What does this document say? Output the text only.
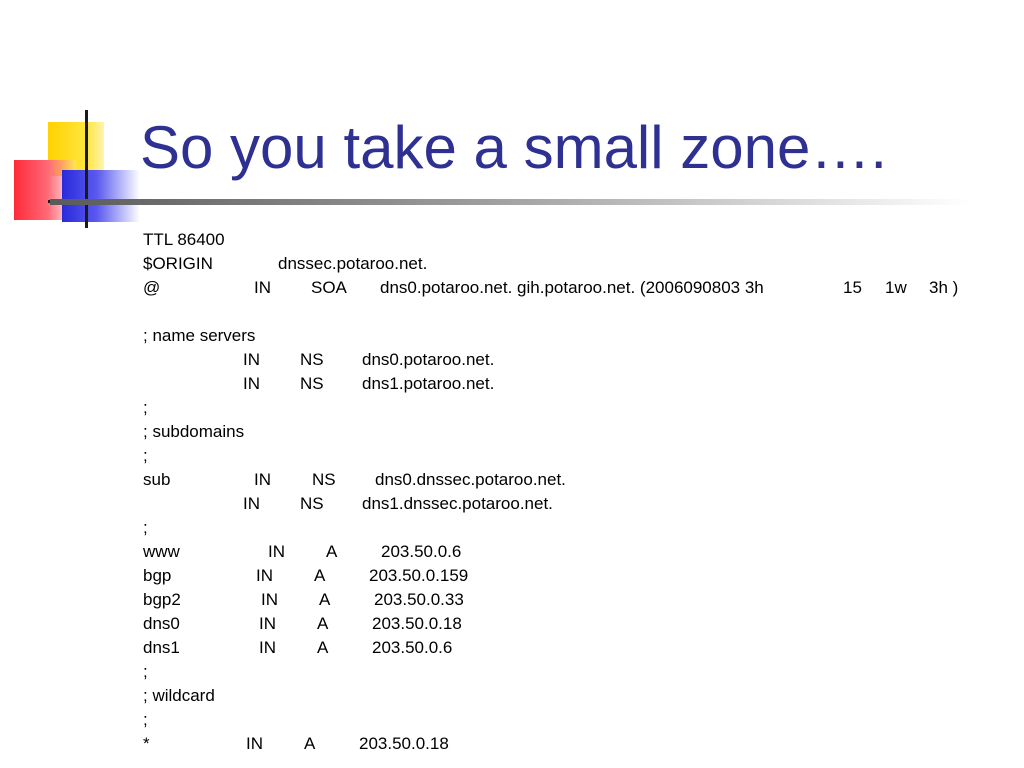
So you take a small zone….
TTL 86400
$ORIGIN	dnssec.potaroo.net.
@	IN SOA dns0.potaroo.net. gih.potaroo.net. (2006090803 3h	15 1w 3h )
; name servers
IN NS dns0.potaroo.net.
IN NS dns1.potaroo.net.
;
; subdomains
;
sub	IN NS dns0.dnssec.potaroo.net.
IN NS dns1.dnssec.potaroo.net.
;
www	IN A	203.50.0.6
bgp	IN A	203.50.0.159
bgp2	IN A	203.50.0.33
dns0	IN A	203.50.0.18
dns1	IN A	203.50.0.6
;
; wildcard
;
*	IN A	203.50.0.18
